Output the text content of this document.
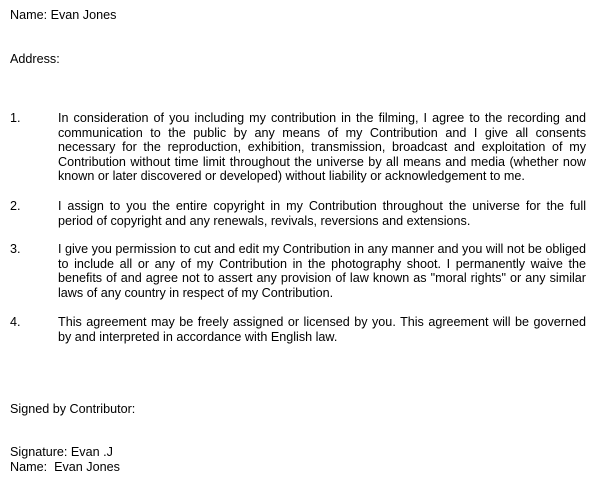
Name: Evan Jones
Address:
1.	In consideration of you including my contribution in the filming, I agree to the recording and communication to the public by any means of my Contribution and I give all consents necessary for the reproduction, exhibition, transmission, broadcast and exploitation of my Contribution without time limit throughout the universe by all means and media (whether now known or later discovered or developed) without liability or acknowledgement to me.
2.	I assign to you the entire copyright in my Contribution throughout the universe for the full period of copyright and any renewals, revivals, reversions and extensions.
3.	I give you permission to cut and edit my Contribution in any manner and you will not be obliged to include all or any of my Contribution in the photography shoot. I permanently waive the benefits of and agree not to assert any provision of law known as "moral rights" or any similar laws of any country in respect of my Contribution.
4.	This agreement may be freely assigned or licensed by you. This agreement will be governed by and interpreted in accordance with English law.
Signed by Contributor:
Signature: Evan .J
Name:  Evan Jones
